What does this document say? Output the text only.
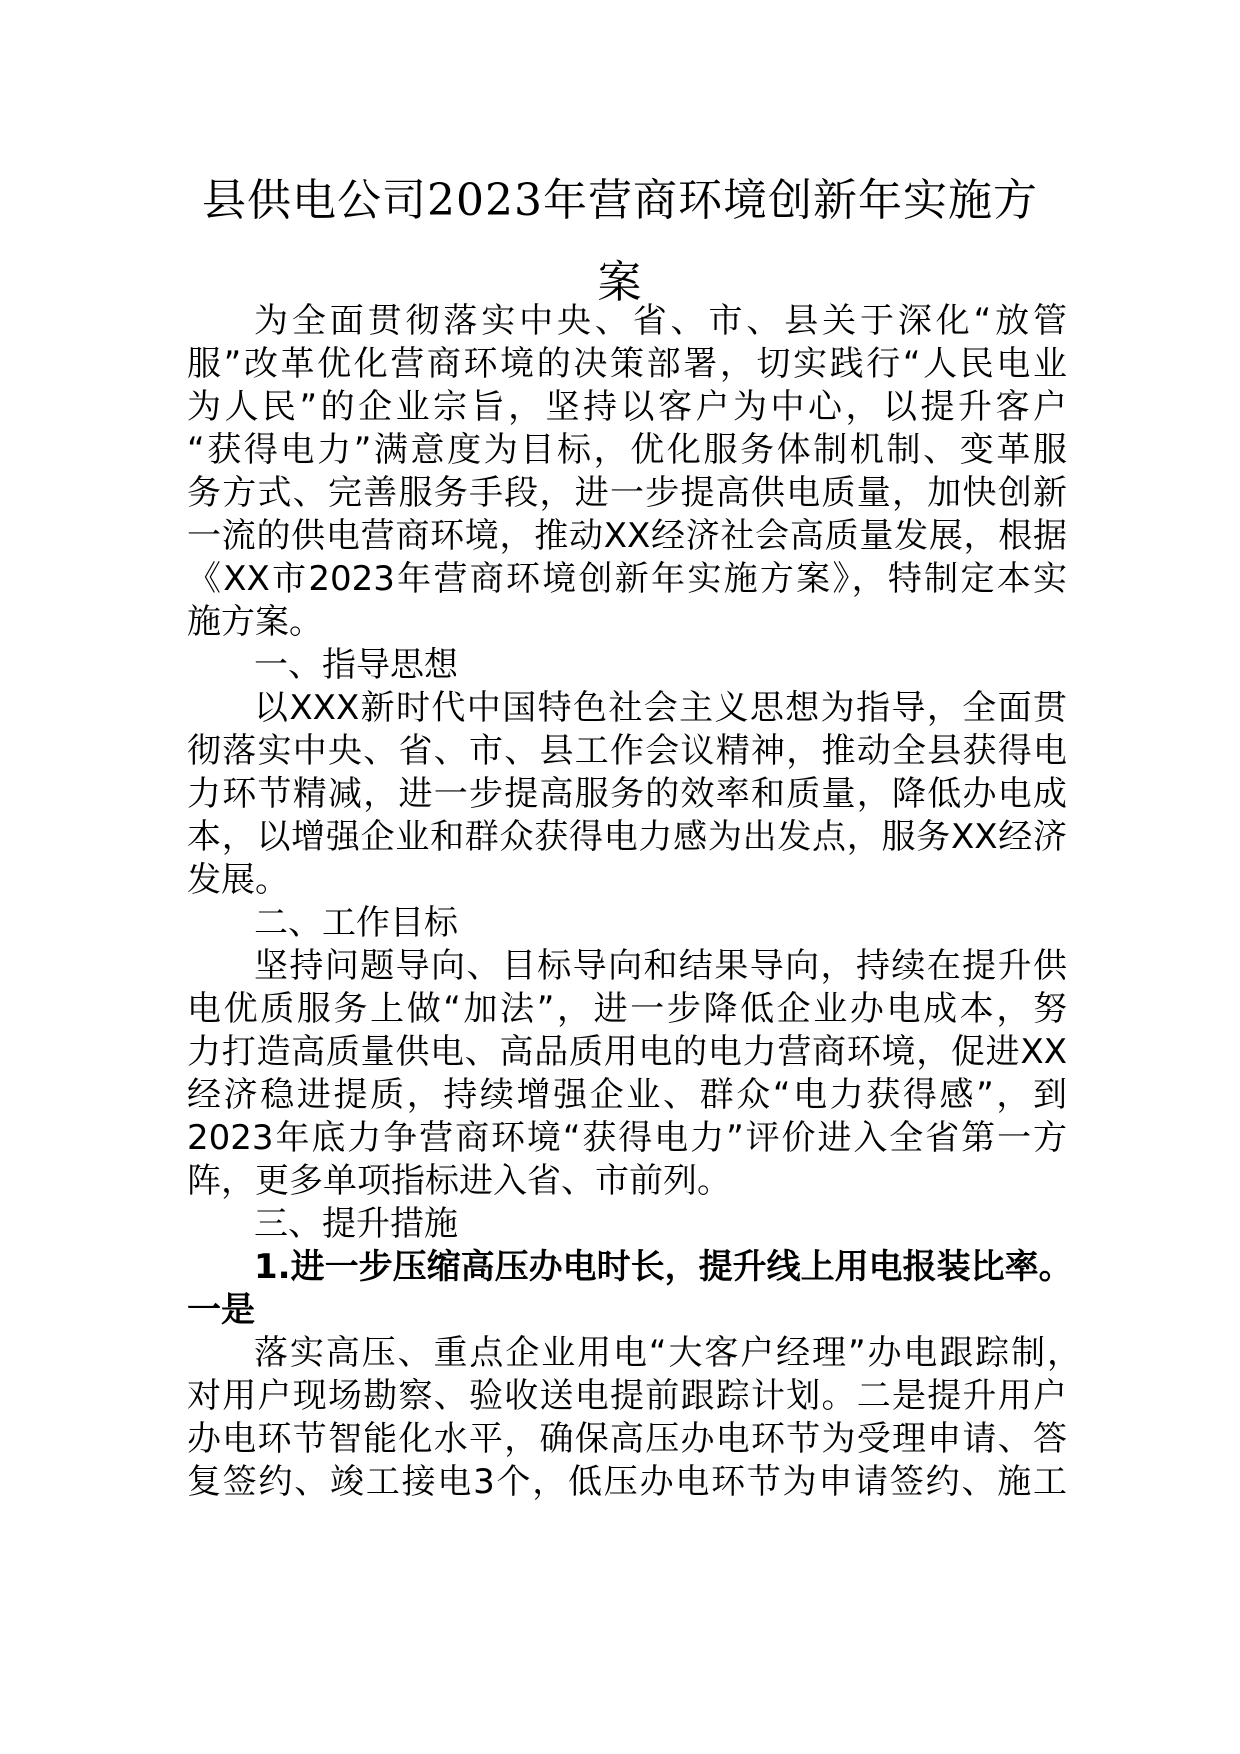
县供电公司2023年营商环境创新年实施方
案
为全面贯彻落实中央、省、市、县关于深化“放管
服”改革优化营商环境的决策部署，切实践行“人民电业
为人民”的企业宗旨，坚持以客户为中心，以提升客户
“获得电力”满意度为目标，优化服务体制机制、变革服
务方式、完善服务手段，进一步提高供电质量，加快创新
一流的供电营商环境，推动XX经济社会高质量发展，根据
《XX市2023年营商环境创新年实施方案》，特制定本实
施方案。
一、指导思想
以XXX新时代中国特色社会主义思想为指导，全面贯
彻落实中央、省、市、县工作会议精神，推动全县获得电
力环节精减，进一步提高服务的效率和质量，降低办电成
本，以增强企业和群众获得电力感为出发点，服务XX经济
发展。
二、工作目标
坚持问题导向、目标导向和结果导向，持续在提升供
电优质服务上做“加法”，进一步降低企业办电成本，努
力打造高质量供电、高品质用电的电力营商环境，促进XX
经济稳进提质，持续增强企业、群众“电力获得感”，到
2023年底力争营商环境“获得电力”评价进入全省第一方
阵，更多单项指标进入省、市前列。
三、提升措施
1.进一步压缩高压办电时长，提升线上用电报装比率。
一是
落实高压、重点企业用电“大客户经理”办电跟踪制，
对用户现场勘察、验收送电提前跟踪计划。二是提升用户
办电环节智能化水平，确保高压办电环节为受理申请、答
复签约、竣工接电3个，低压办电环节为申请签约、施工
